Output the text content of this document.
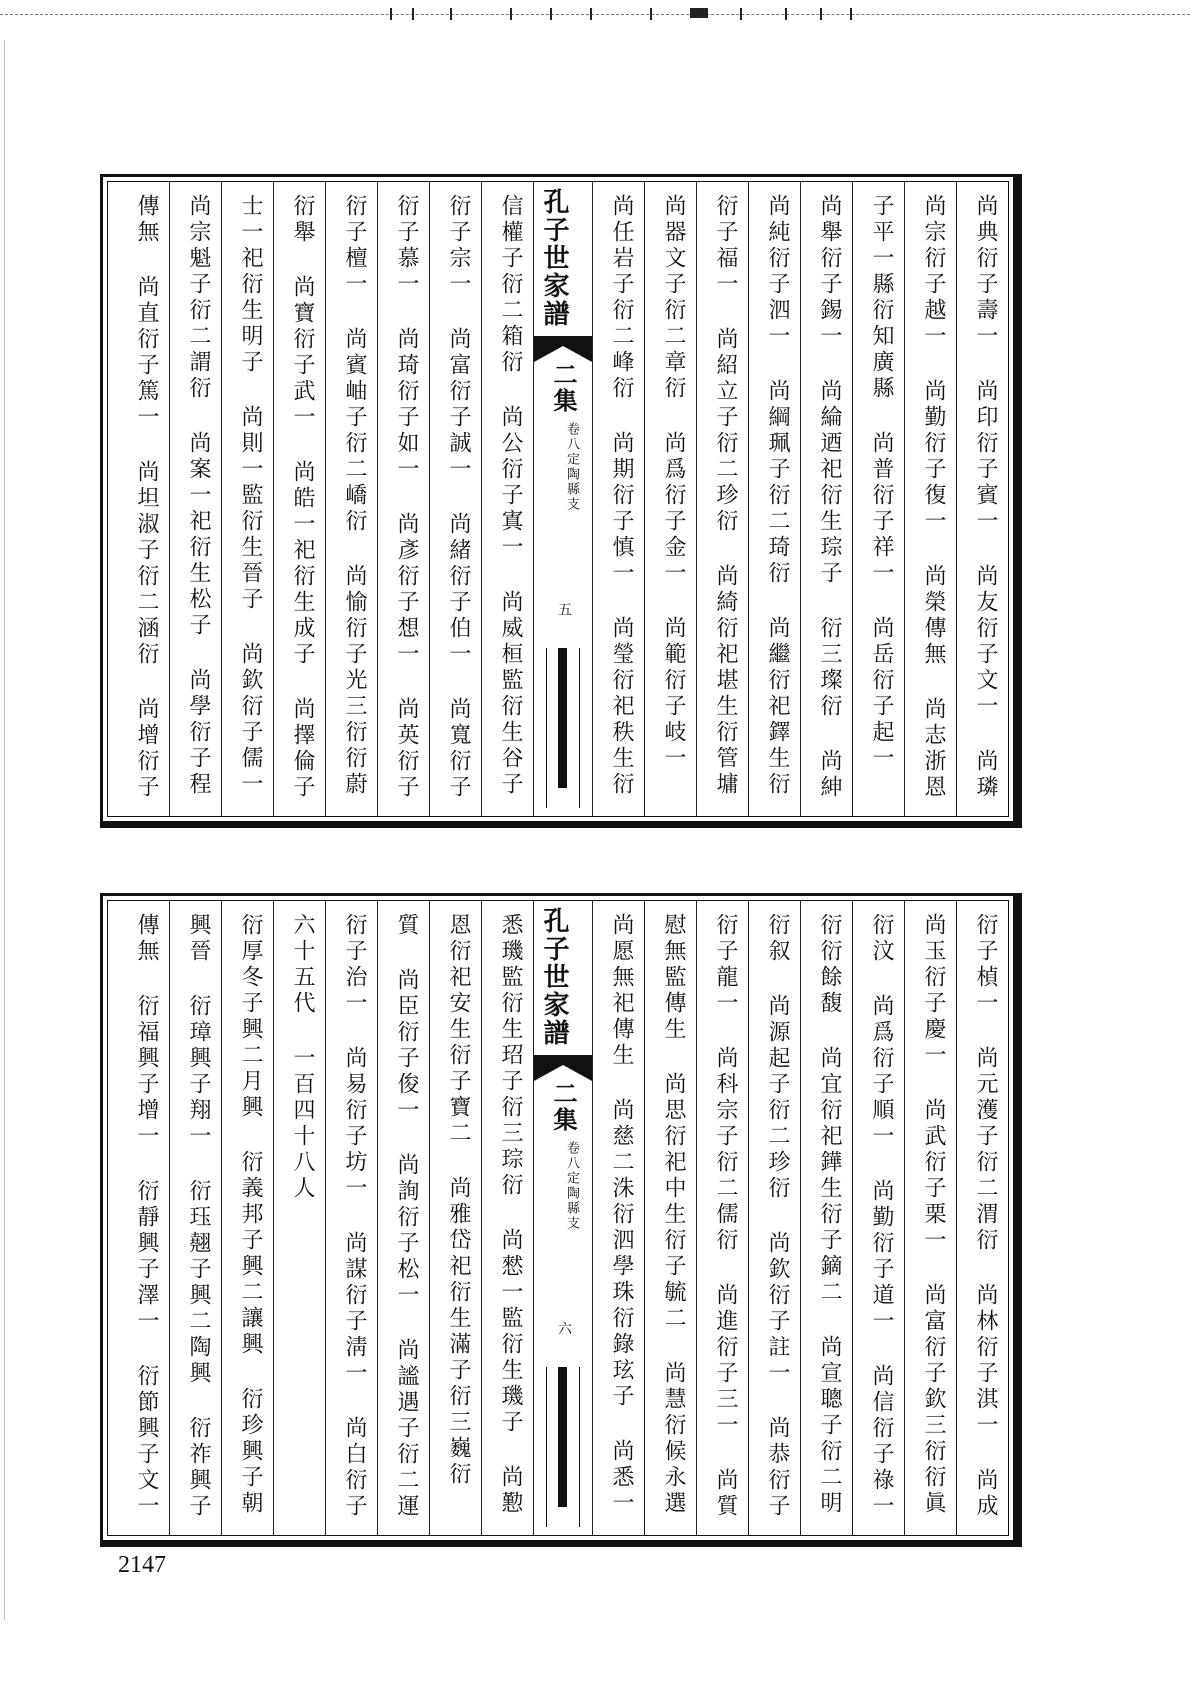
尚典衍子壽一 尚印衍子賓一 尚友衍子文一 尚璘
尚宗衍子越一 尚勤衍子復一 尚榮傳無 尚志浙恩
子平一縣衍知廣縣 尚普衍子祥一 尚岳衍子起一
尚舉衍子錫一 尚綸迺祀衍生琮子 衍三璨衍 尚紳
尚純衍子泗一 尚綱珮子衍二琦衍 尚繼衍祀鐸生衍
衍子福一 尚紹立子衍二珍衍 尚綺衍祀堪生衍管墉
尚器文子衍二章衍 尚爲衍子金一 尚範衍子岐一
尚任岩子衍二峰衍 尚期衍子慎一 尚瑩衍祀秩生衍
孔子世家譜
二集
卷八定陶縣支
五
信權子衍二箱衍 尚公衍子寘一 尚威桓監衍生谷子
衍子宗一 尚富衍子誠一 尚緒衍子伯一 尚寬衍子
衍子慕一 尚琦衍子如一 尚彥衍子想一 尚英衍子
衍子檀一 尚賓岫子衍二嶠衍 尚愉衍子光三衍衍蔚
衍舉 尚寶衍子武一 尚皓一祀衍生成子 尚擇倫子
士一祀衍生明子 尚則一監衍生晉子 尚欽衍子儒一
尚宗魁子衍二謂衍 尚案一祀衍生松子 尚學衍子程
傳無 尚直衍子篤一 尚坦淑子衍二涵衍 尚增衍子
衍子楨一 尚元濩子衍二渭衍 尚林衍子淇一 尚成
尚玉衍子慶一 尚武衍子栗一 尚富衍子欽三衍衍眞
衍汶 尚爲衍子順一 尚勤衍子道一 尚信衍子祿一
衍衍餘馥 尚宜衍祀鏵生衍子鏑二 尚宣聰子衍二明
衍叙 尚源起子衍二珍衍 尚欽衍子註一 尚恭衍子
衍子龍一 尚科宗子衍二儒衍 尚進衍子三一 尚質
慰無監傳生 尚思衍祀中生衍子毓二 尚慧衍候永選
尚愿無祀傳生 尚慈二洙衍泗學珠衍錄玹子 尚悉一
孔子世家譜
二集
卷八定陶縣支
六
悉璣監衍生玿子衍三琮衍 尚憖一監衍生璣子 尚懃
恩衍祀安生衍子寶二 尚雅岱祀衍生滿子衍三巍衍
質 尚臣衍子俊一 尚詢衍子松一 尚謐遇子衍二運
衍子治一 尚易衍子坊一 尚謀衍子淸一 尚白衍子
六十五代 一百四十八人
衍厚冬子興二月興 衍義邦子興二讓興 衍珍興子朝
興晉 衍璋興子翔一 衍珏翹子興二陶興 衍祚興子
傳無 衍福興子增一 衍靜興子澤一 衍節興子文一
2147
